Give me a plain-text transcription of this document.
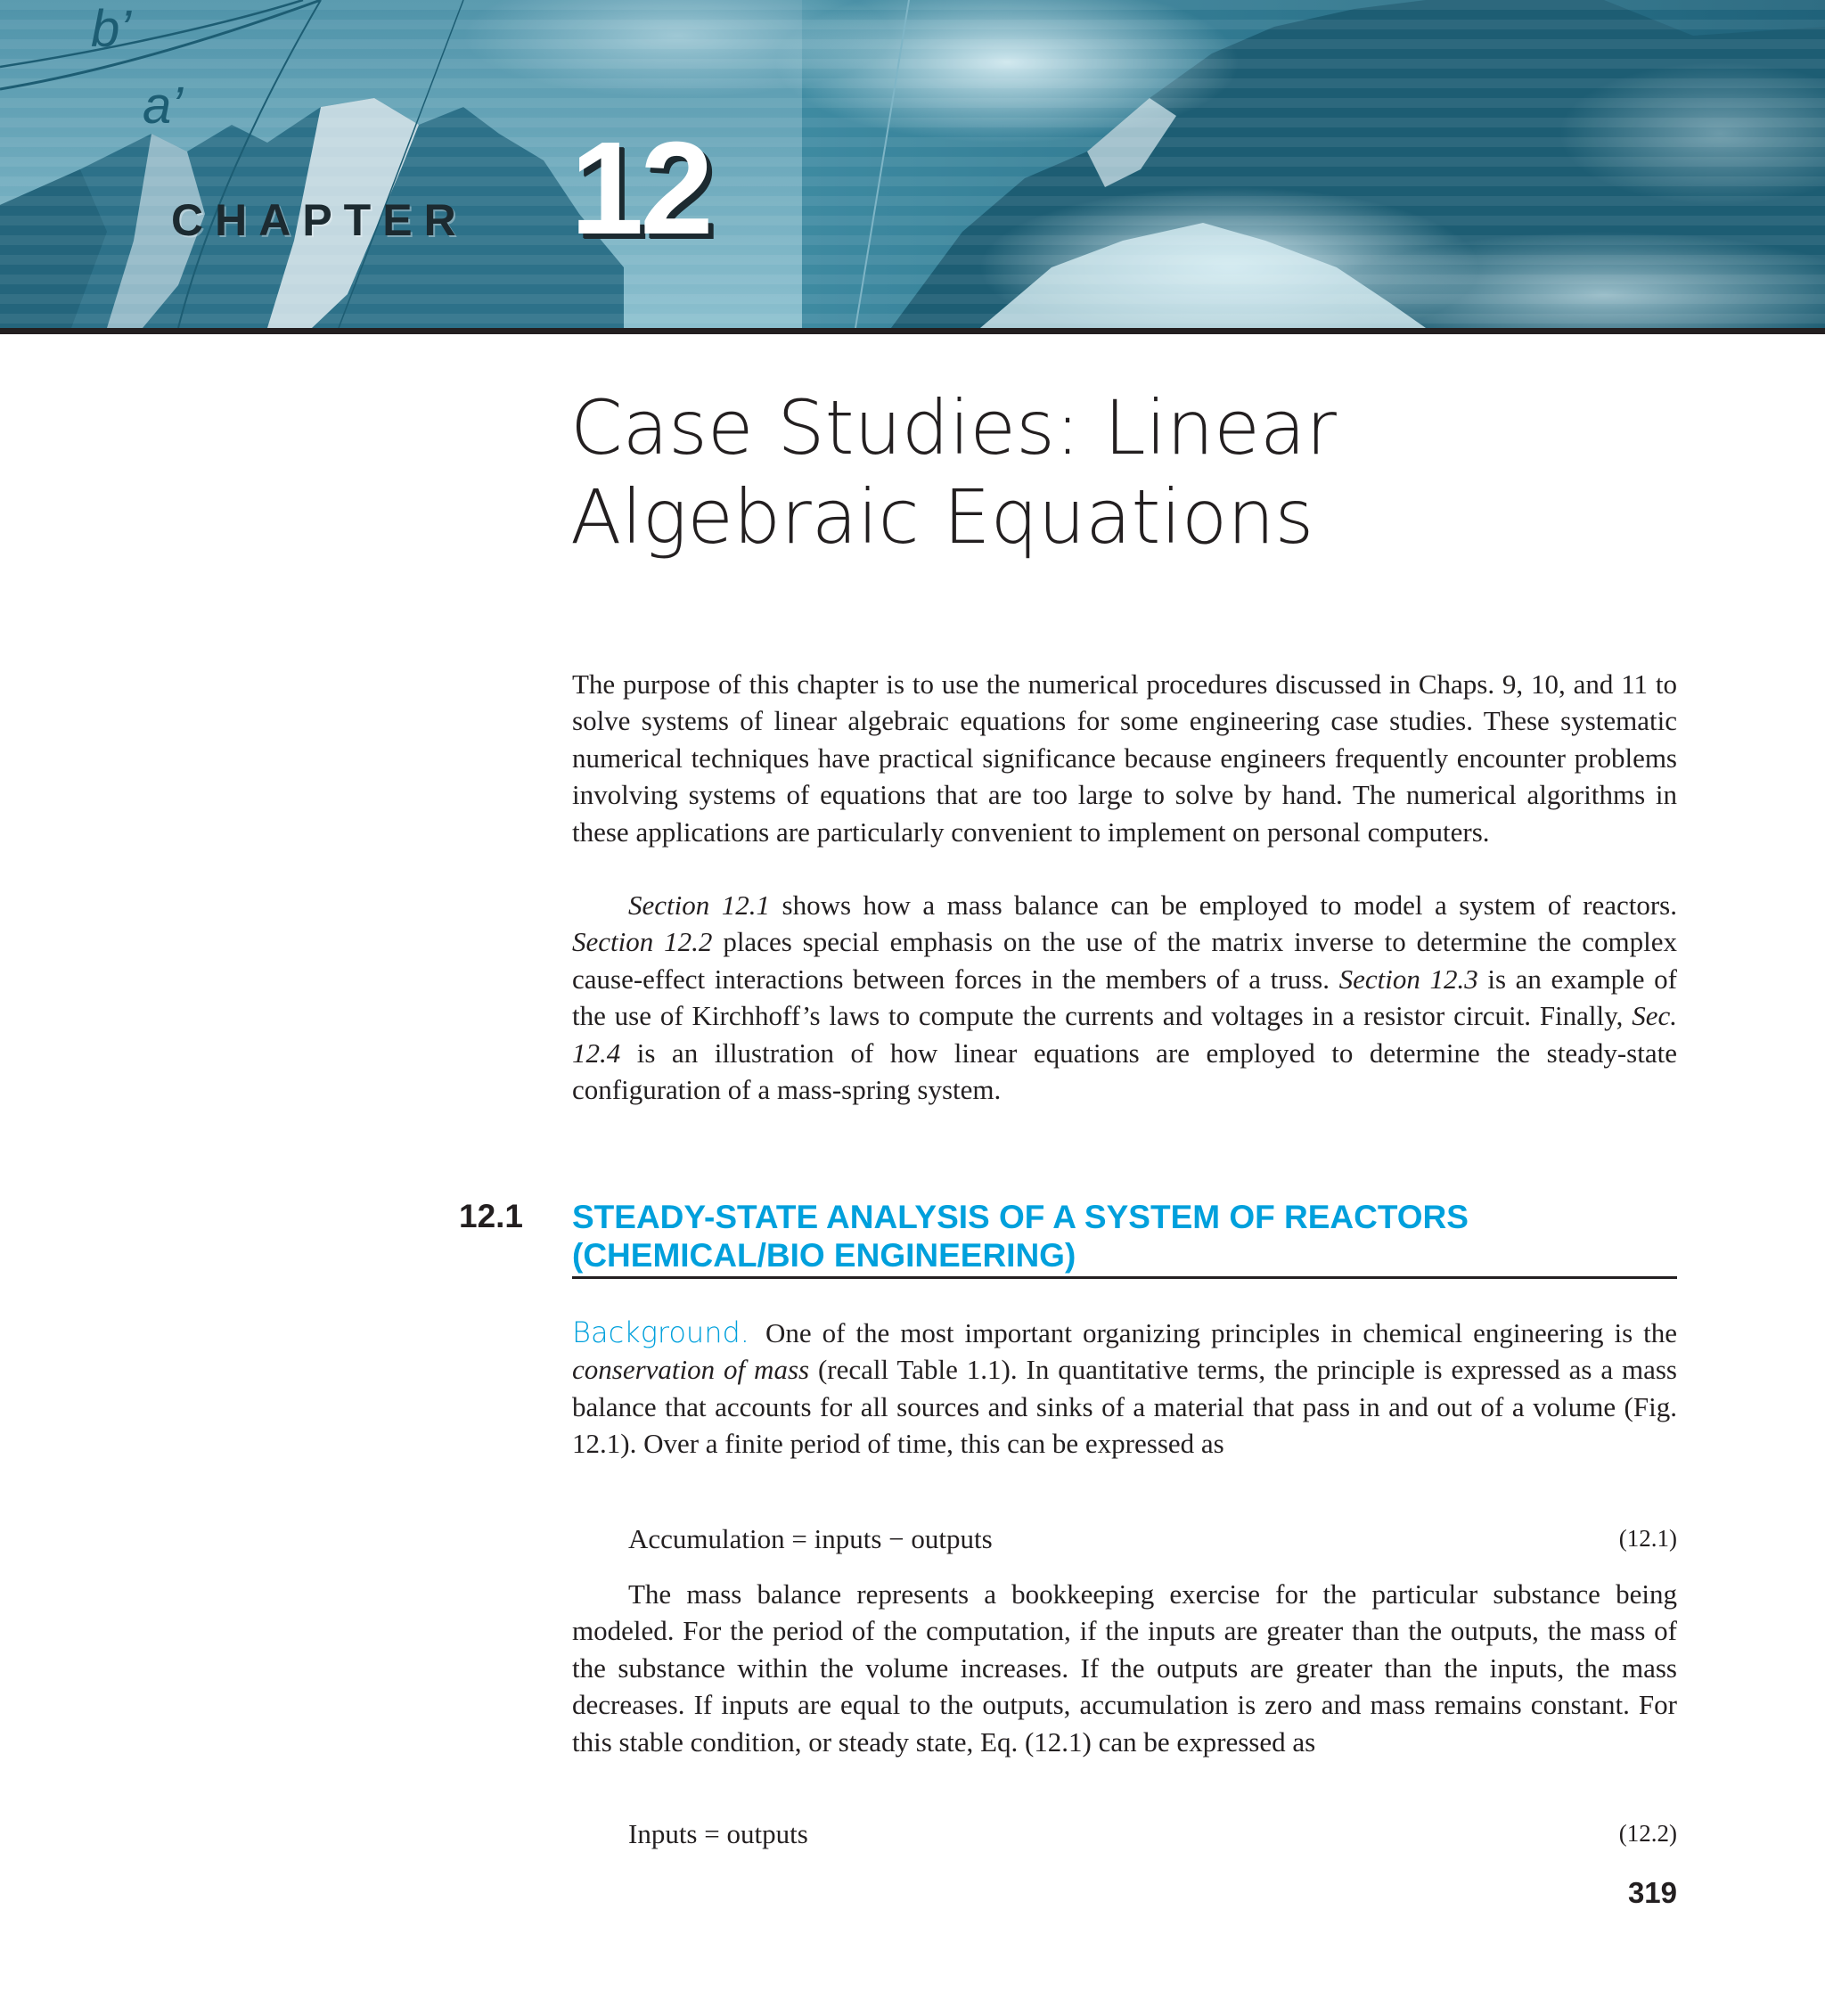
b’
a’
CHAPTER 12
Case Studies: Linear
Algebraic Equations

The purpose of this chapter is to use the numerical procedures discussed in Chaps. 9, 10, and 11 to solve systems of linear algebraic equations for some engineering case studies. These systematic numerical techniques have practical significance because engineers frequently encounter problems involving systems of equations that are too large to solve by hand. The numerical algorithms in these applications are particularly convenient to implement on personal computers.

Section 12.1 shows how a mass balance can be employed to model a system of reactors. Section 12.2 places special emphasis on the use of the matrix inverse to determine the complex cause-effect interactions between forces in the members of a truss. Section 12.3 is an example of the use of Kirchhoff’s laws to compute the currents and voltages in a resistor circuit. Finally, Sec. 12.4 is an illustration of how linear equations are employed to determine the steady-state configuration of a mass-spring system.

12.1 STEADY-STATE ANALYSIS OF A SYSTEM OF REACTORS
(CHEMICAL/BIO ENGINEERING)

Background. One of the most important organizing principles in chemical engineering is the conservation of mass (recall Table 1.1). In quantitative terms, the principle is expressed as a mass balance that accounts for all sources and sinks of a material that pass in and out of a volume (Fig. 12.1). Over a finite period of time, this can be expressed as

Accumulation = inputs − outputs	(12.1)

The mass balance represents a bookkeeping exercise for the particular substance being modeled. For the period of the computation, if the inputs are greater than the outputs, the mass of the substance within the volume increases. If the outputs are greater than the inputs, the mass decreases. If inputs are equal to the outputs, accumulation is zero and mass remains constant. For this stable condition, or steady state, Eq. (12.1) can be expressed as

Inputs = outputs	(12.2)
319
